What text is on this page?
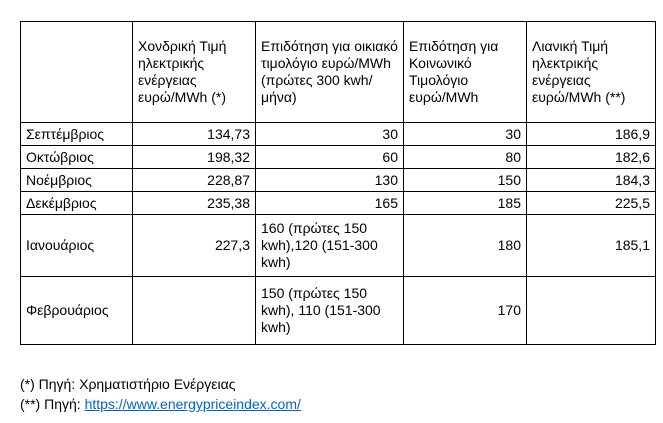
	Χονδρική Τιμή ηλεκτρικής ενέργειας ευρώ/MWh (*)	Επιδότηση για οικιακό τιμολόγιο ευρώ/MWh (πρώτες 300 kwh/μήνα)	Επιδότηση για Κοινωνικό Τιμολόγιο ευρώ/MWh	Λιανική Τιμή ηλεκτρικής ενέργειας ευρώ/MWh (**)
Σεπτέμβριος	134,73	30	30	186,9
Οκτώβριος	198,32	60	80	182,6
Νοέμβριος	228,87	130	150	184,3
Δεκέμβριος	235,38	165	185	225,5
Ιανουάριος	227,3	160 (πρώτες 150 kwh),120 (151-300 kwh)	180	185,1
Φεβρουάριος		150 (πρώτες 150 kwh), 110 (151-300 kwh)	170	
(*) Πηγή: Χρηματιστήριο Ενέργειας
(**) Πηγή: https://www.energypriceindex.com/
